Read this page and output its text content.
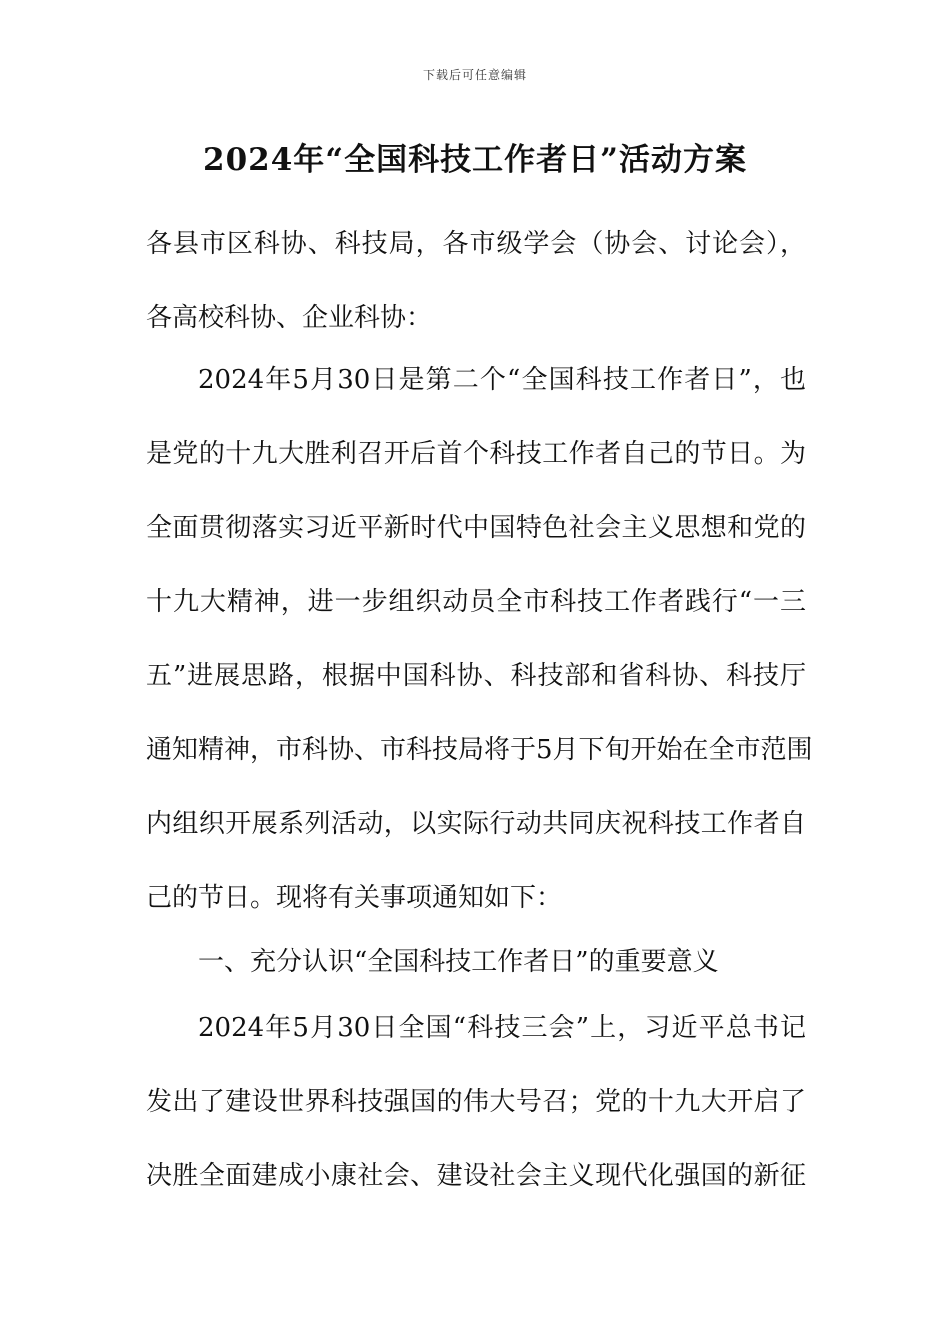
下载后可任意编辑
2024年“全国科技工作者日”活动方案
各县市区科协、科技局，各市级学会（协会、讨论会），
各高校科协、企业科协：
2024年5月30日是第二个“全国科技工作者日”，也
是党的十九大胜利召开后首个科技工作者自己的节日。为
全面贯彻落实习近平新时代中国特色社会主义思想和党的
十九大精神，进一步组织动员全市科技工作者践行“一三
五”进展思路，根据中国科协、科技部和省科协、科技厅
通知精神，市科协、市科技局将于5月下旬开始在全市范围
内组织开展系列活动，以实际行动共同庆祝科技工作者自
己的节日。现将有关事项通知如下：
一、充分认识“全国科技工作者日”的重要意义
2024年5月30日全国“科技三会”上，习近平总书记
发出了建设世界科技强国的伟大号召；党的十九大开启了
决胜全面建成小康社会、建设社会主义现代化强国的新征
